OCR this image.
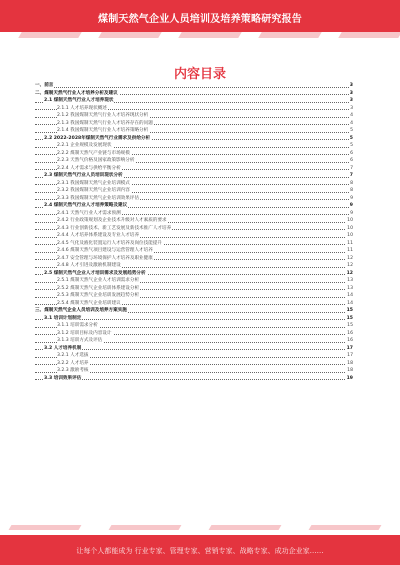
煤制天然气企业人员培训及培养策略研究报告
内容目录
一、前言	3
二、煤制天然气行业人才培养分析及建议	3
2.1 煤制天然气行业人才培养现状	3
2.1.1 人才培养现状概述	3
2.1.2 我国煤制天然气行业人才培养现状分析	4
2.1.3 我国煤制天然气行业人才培养存在的问题	4
2.1.4 我国煤制天然气行业人才培养策略分析	5
2.2 2022-2028年煤制天然气行业需求及供给分析	5
2.2.1 企业规模及发展现状	5
2.2.2 煤制天然气产业链与市场规模	6
2.2.3 天然气价格及国家政策影响分析	6
2.2.4 人才需求与供给平衡分析	7
2.3 煤制天然气行业人员培训现状分析	7
2.3.1 我国煤制天然气企业培训模式	8
2.3.2 我国煤制天然气企业培训内容	8
2.3.3 我国煤制天然气企业培训效果评估	9
2.4 煤制天然气行业人才培养策略及建议	9
2.4.1 天然气行业人才需求预测	9
2.4.2 行业政策规划及企业技术升级对人才素质的要求	10
2.4.3 行业创新技术、新工艺发展及新技术推广人才培养	10
2.4.4 人才培养体系建设及专业人才培养	10
2.4.5 气化及液化装置运行人才培养及岗位技能提升	11
2.4.6 煤制天然气项目建设与运营管理人才培养	11
2.4.7 安全管理与环境保护人才培养及职业健康	12
2.4.8 人才引进及激励机制建设	12
2.5 煤制天然气企业人才培训需求及发展趋势分析	12
2.5.1 煤制天然气企业人才培训需求分析	13
2.5.2 煤制天然气企业培训体系建设分析	13
2.5.3 煤制天然气企业培训发展趋势分析	14
2.5.4 煤制天然气企业培训建议	14
三、煤制天然气企业人员培训及培养方案实施	15
3.1 培训计划制定	15
3.1.1 培训需求分析	15
3.1.2 培训目标及内容设计	16
3.1.3 培训方式及评估	16
3.2 人才培养机制	17
3.2.1 人才选拔	17
3.2.2 人才培养	18
3.2.3 激励考核	18
3.3 培训效果评估	19
让每个人都能成为 行业专家、管理专家、营销专家、战略专家、成功企业家……
